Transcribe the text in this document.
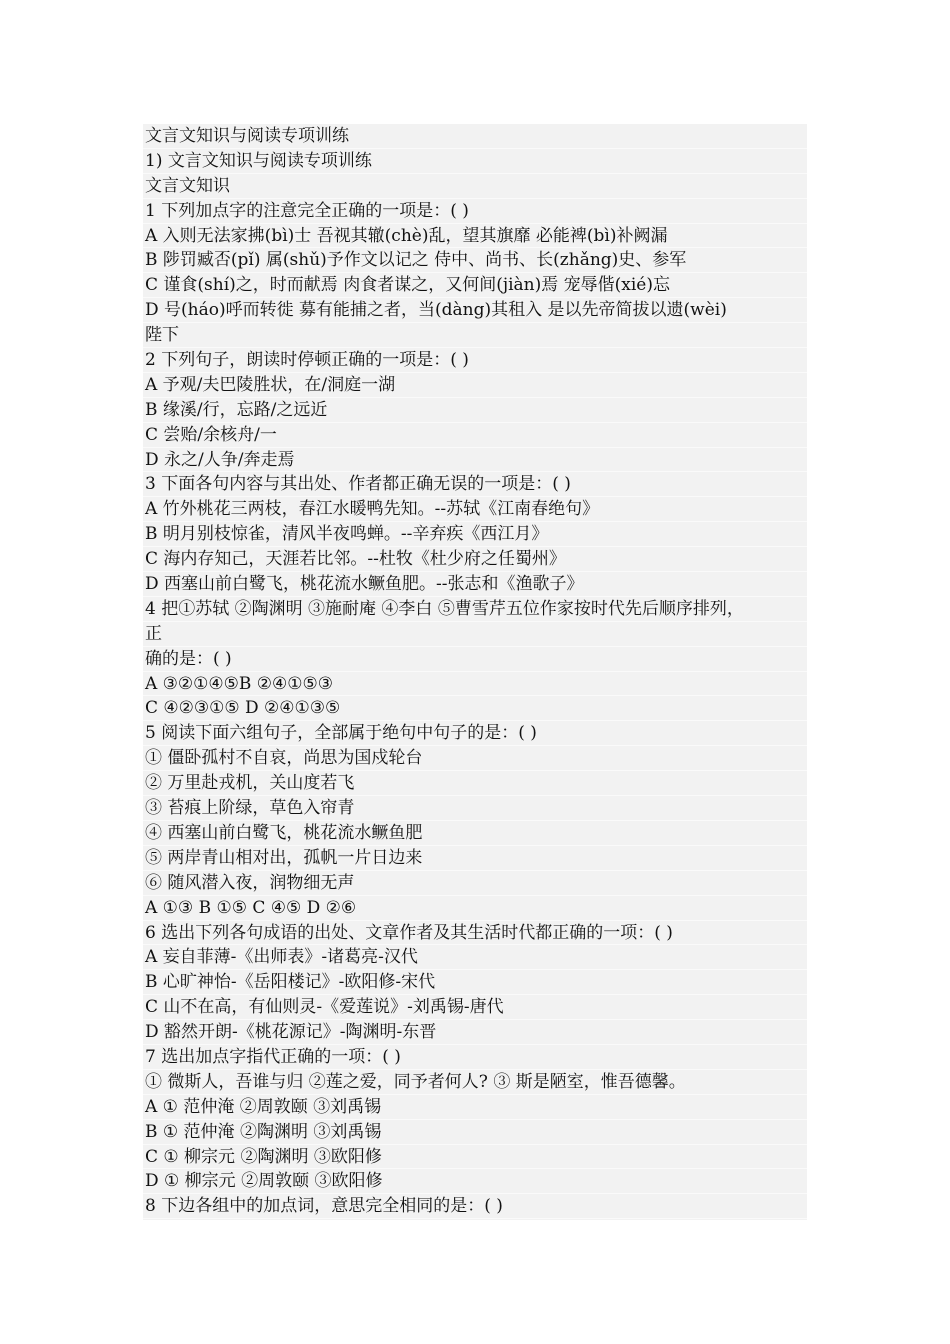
文言文知识与阅读专项训练
1) 文言文知识与阅读专项训练
文言文知识
1 下列加点字的注意完全正确的一项是：( )
A 入则无法家拂(bì)士 吾视其辙(chè)乱，望其旗靡 必能裨(bì)补阙漏
B 陟罚臧否(pǐ) 属(shǔ)予作文以记之 侍中、尚书、长(zhǎng)史、参军
C 谨食(shí)之，时而献焉 肉食者谋之，又何间(jiàn)焉 宠辱偕(xié)忘
D 号(háo)呼而转徙 募有能捕之者，当(dàng)其租入 是以先帝简拔以遗(wèi)
陛下
2 下列句子，朗读时停顿正确的一项是：( )
A 予观/夫巴陵胜状，在/洞庭一湖
B 缘溪/行，忘路/之远近
C 尝贻/余核舟/一
D 永之/人争/奔走焉
3 下面各句内容与其出处、作者都正确无误的一项是：( )
A 竹外桃花三两枝，春江水暖鸭先知。--苏轼《江南春绝句》
B 明月别枝惊雀，清风半夜鸣蝉。--辛弃疾《西江月》
C 海内存知己，天涯若比邻。--杜牧《杜少府之任蜀州》
D 西塞山前白鹭飞，桃花流水鳜鱼肥。--张志和《渔歌子》
4 把①苏轼 ②陶渊明 ③施耐庵 ④李白 ⑤曹雪芹五位作家按时代先后顺序排列，
正
确的是：( )
A ③②①④⑤B ②④①⑤③
C ④②③①⑤ D ②④①③⑤
5 阅读下面六组句子，全部属于绝句中句子的是：( )
① 僵卧孤村不自哀，尚思为国戍轮台
② 万里赴戎机，关山度若飞
③ 苔痕上阶绿，草色入帘青
④ 西塞山前白鹭飞，桃花流水鳜鱼肥
⑤ 两岸青山相对出，孤帆一片日边来
⑥ 随风潜入夜，润物细无声
A ①③ B ①⑤ C ④⑤ D ②⑥
6 选出下列各句成语的出处、文章作者及其生活时代都正确的一项：( )
A 妄自菲薄-《出师表》-诸葛亮-汉代
B 心旷神怡-《岳阳楼记》-欧阳修-宋代
C 山不在高，有仙则灵-《爱莲说》-刘禹锡-唐代
D 豁然开朗-《桃花源记》-陶渊明-东晋
7 选出加点字指代正确的一项：( )
① 微斯人，吾谁与归 ②莲之爱，同予者何人? ③ 斯是陋室，惟吾德馨。
A ① 范仲淹 ②周敦颐 ③刘禹锡
B ① 范仲淹 ②陶渊明 ③刘禹锡
C ① 柳宗元 ②陶渊明 ③欧阳修
D ① 柳宗元 ②周敦颐 ③欧阳修
8 下边各组中的加点词，意思完全相同的是：( )
